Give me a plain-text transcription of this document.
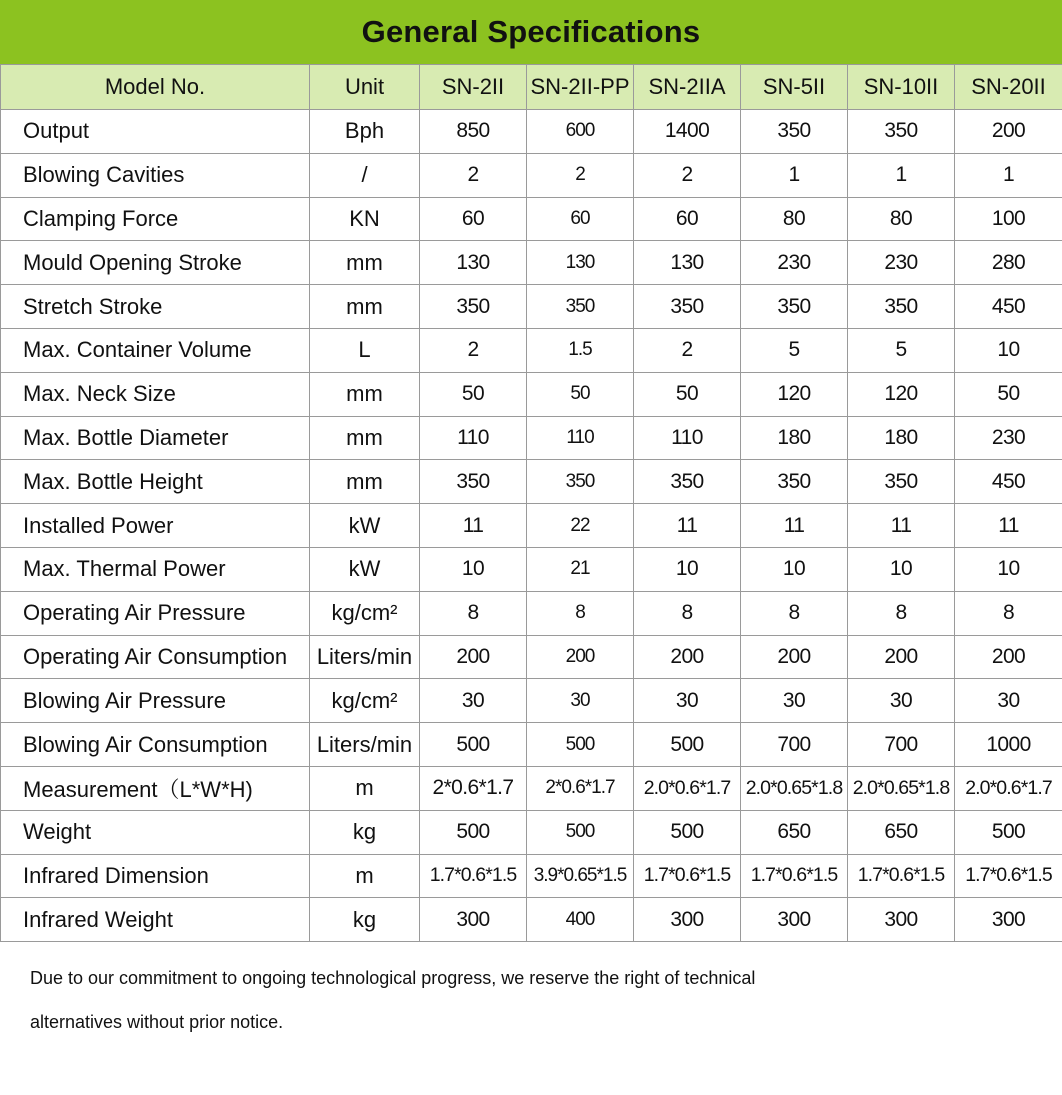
General Specifications
Model No.	Unit	SN-2II	SN-2II-PP	SN-2IIA	SN-5II	SN-10II	SN-20II
Output	Bph	850	600	1400	350	350	200
Blowing Cavities	/	2	2	2	1	1	1
Clamping Force	KN	60	60	60	80	80	100
Mould Opening Stroke	mm	130	130	130	230	230	280
Stretch Stroke	mm	350	350	350	350	350	450
Max. Container Volume	L	2	1.5	2	5	5	10
Max. Neck Size	mm	50	50	50	120	120	50
Max. Bottle Diameter	mm	110	110	110	180	180	230
Max. Bottle Height	mm	350	350	350	350	350	450
Installed Power	kW	11	22	11	11	11	11
Max. Thermal Power	kW	10	21	10	10	10	10
Operating Air Pressure	kg/cm²	8	8	8	8	8	8
Operating Air Consumption	Liters/min	200	200	200	200	200	200
Blowing Air Pressure	kg/cm²	30	30	30	30	30	30
Blowing Air Consumption	Liters/min	500	500	500	700	700	1000
Measurement（L*W*H)	m	2*0.6*1.7	2*0.6*1.7	2.0*0.6*1.7	2.0*0.65*1.8	2.0*0.65*1.8	2.0*0.6*1.7
Weight	kg	500	500	500	650	650	500
Infrared Dimension	m	1.7*0.6*1.5	3.9*0.65*1.5	1.7*0.6*1.5	1.7*0.6*1.5	1.7*0.6*1.5	1.7*0.6*1.5
Infrared Weight	kg	300	400	300	300	300	300

Due to our commitment to ongoing technological progress, we reserve the right of technical

alternatives without prior notice.
